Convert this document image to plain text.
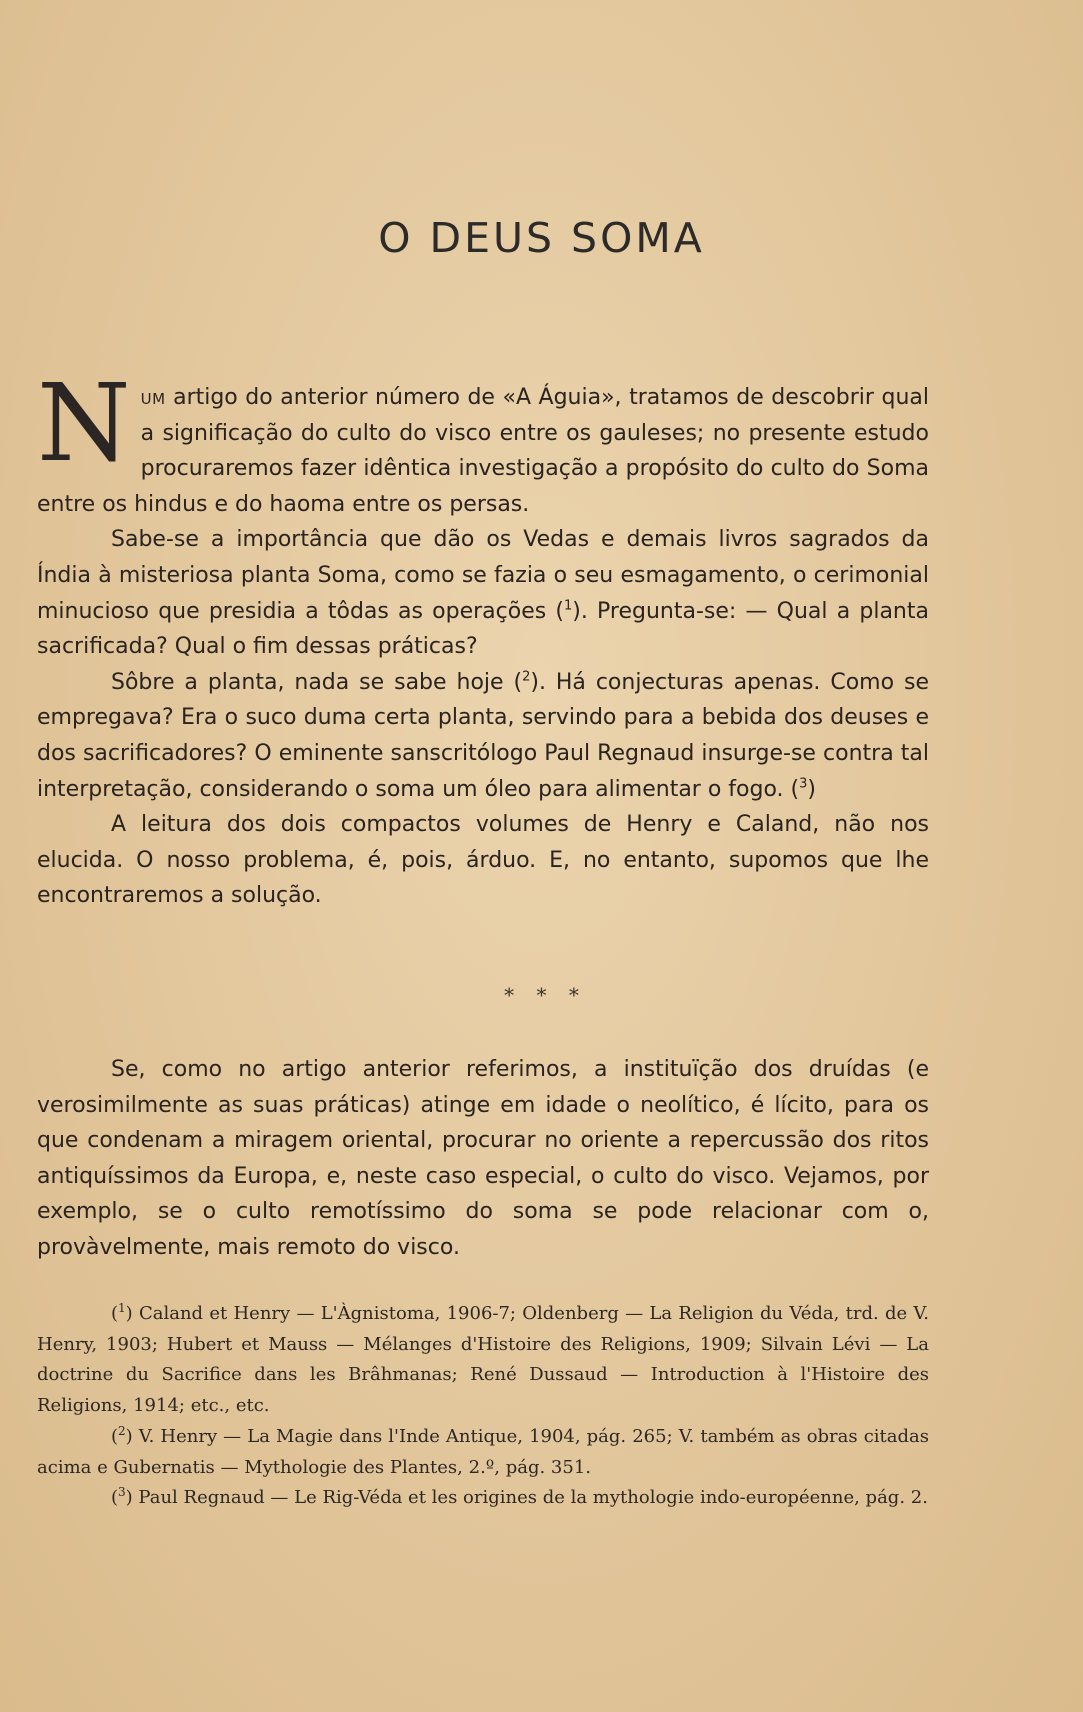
O DEUS SOMA

Num artigo do anterior número de «A Águia», tratamos de descobrir qual a significação do culto do visco entre os gauleses; no presente estudo procuraremos fazer idêntica investigação a propósito do culto do Soma entre os hindus e do haoma entre os persas.

Sabe-se a importância que dão os Vedas e demais livros sagrados da Índia à misteriosa planta Soma, como se fazia o seu esmagamento, o cerimonial minucioso que presidia a tôdas as operações ($^1$). Pregunta-se: — Qual a planta sacrificada? Qual o fim dessas práticas?

Sôbre a planta, nada se sabe hoje ($^2$). Há conjecturas apenas. Como se empregava? Era o suco duma certa planta, servindo para a bebida dos deuses e dos sacrificadores? O eminente sanscritólogo Paul Regnaud insurge-se contra tal interpretação, considerando o soma um óleo para alimentar o fogo. ($^3$)

A leitura dos dois compactos volumes de Henry e Caland, não nos elucida. O nosso problema, é, pois, árduo. E, no entanto, supomos que lhe encontraremos a solução.

* * *

Se, como no artigo anterior referimos, a instituïção dos druídas (e verosimilmente as suas práticas) atinge em idade o neolítico, é lícito, para os que condenam a miragem oriental, procurar no oriente a repercussão dos ritos antiquíssimos da Europa, e, neste caso especial, o culto do visco. Vejamos, por exemplo, se o culto remotíssimo do soma se pode relacionar com o, provàvelmente, mais remoto do visco.

($^1$) Caland et Henry — L'Àgnistoma, 1906-7; Oldenberg — La Religion du Véda, trd. de V. Henry, 1903; Hubert et Mauss — Mélanges d'Histoire des Religions, 1909; Silvain Lévi — La doctrine du Sacrifice dans les Brâhmanas; René Dussaud — Introduction à l'Histoire des Religions, 1914; etc., etc.

($^2$) V. Henry — La Magie dans l'Inde Antique, 1904, pág. 265; V. também as obras citadas acima e Gubernatis — Mythologie des Plantes, 2.º, pág. 351.

($^3$) Paul Regnaud — Le Rig-Véda et les origines de la mythologie indo-européenne, pág. 2.
